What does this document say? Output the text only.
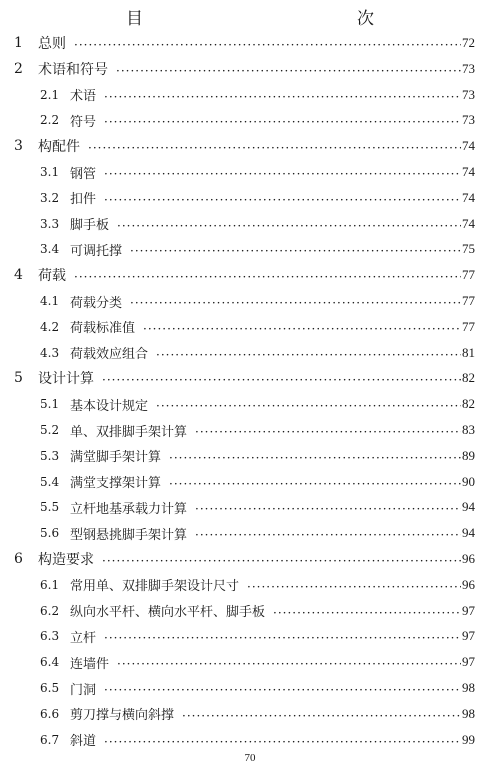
目　　次
1 总则 ·····	72
2 术语和符号 ·····	73
2.1 术语 ·····	73
2.2 符号 ·····	73
3 构配件 ·····	74
3.1 钢管 ·····	74
3.2 扣件 ·····	74
3.3 脚手板 ·····	74
3.4 可调托撑 ·····	75
4 荷载 ·····	77
4.1 荷载分类 ·····	77
4.2 荷载标准值 ·····	77
4.3 荷载效应组合 ·····	81
5 设计计算 ·····	82
5.1 基本设计规定 ·····	82
5.2 单、双排脚手架计算 ·····	83
5.3 满堂脚手架计算 ·····	89
5.4 满堂支撑架计算 ·····	90
5.5 立杆地基承载力计算 ·····	94
5.6 型钢悬挑脚手架计算 ·····	94
6 构造要求 ·····	96
6.1 常用单、双排脚手架设计尺寸 ·····	96
6.2 纵向水平杆、横向水平杆、脚手板 ·····	97
6.3 立杆 ·····	97
6.4 连墙件 ·····	97
6.5 门洞 ·····	98
6.6 剪刀撑与横向斜撑 ·····	98
6.7 斜道 ·····	99
70
